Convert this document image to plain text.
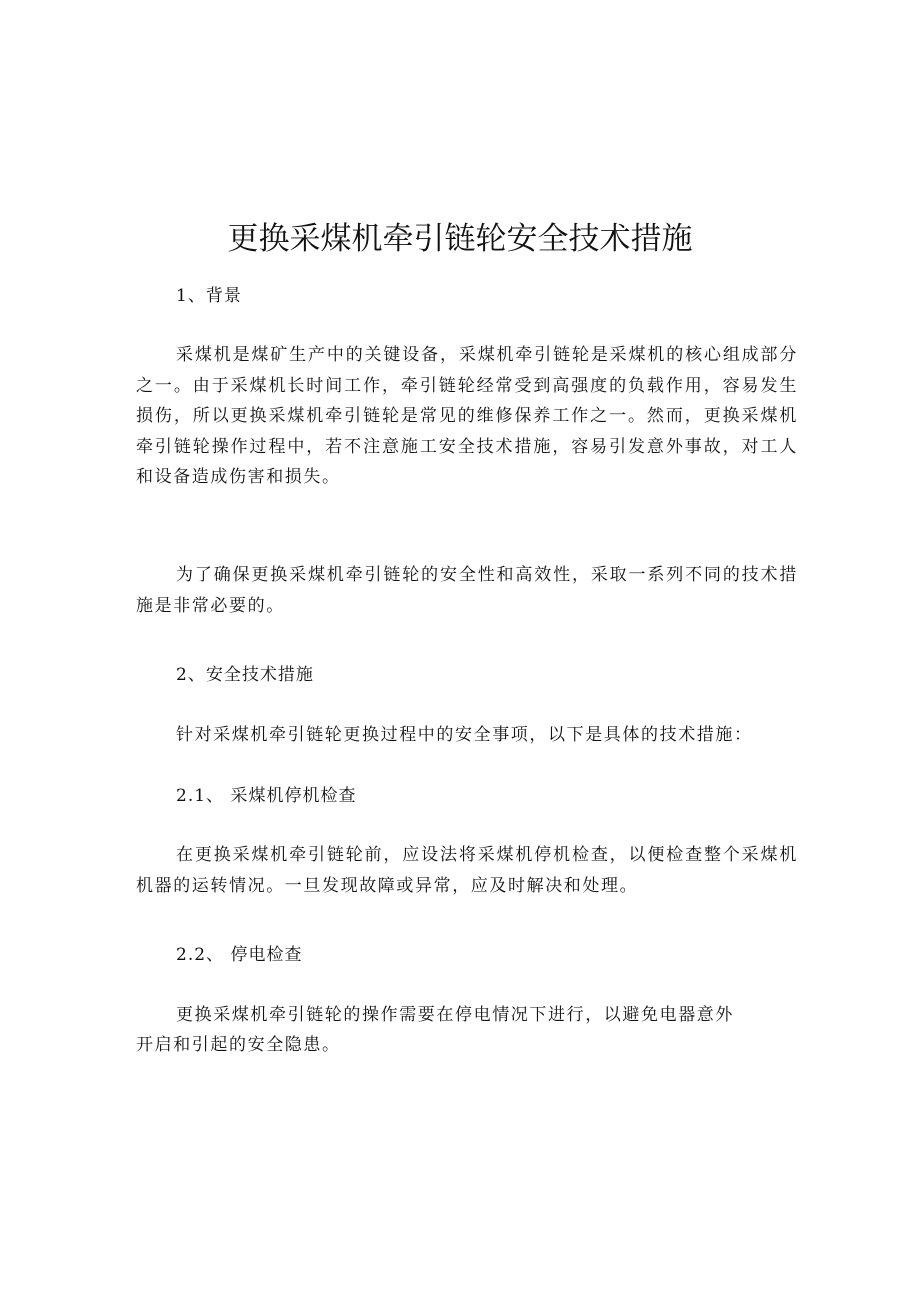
更换采煤机牵引链轮安全技术措施

1、背景

采煤机是煤矿生产中的关键设备，采煤机牵引链轮是采煤机的核心组成部分之一。由于采煤机长时间工作，牵引链轮经常受到高强度的负载作用，容易发生损伤，所以更换采煤机牵引链轮是常见的维修保养工作之一。然而，更换采煤机牵引链轮操作过程中，若不注意施工安全技术措施，容易引发意外事故，对工人和设备造成伤害和损失。

为了确保更换采煤机牵引链轮的安全性和高效性，采取一系列不同的技术措施是非常必要的。

2、安全技术措施

针对采煤机牵引链轮更换过程中的安全事项，以下是具体的技术措施：

2.1、 采煤机停机检查

在更换采煤机牵引链轮前，应设法将采煤机停机检查，以便检查整个采煤机机器的运转情况。一旦发现故障或异常，应及时解决和处理。

2.2、 停电检查

更换采煤机牵引链轮的操作需要在停电情况下进行，以避免电器意外

开启和引起的安全隐患。
